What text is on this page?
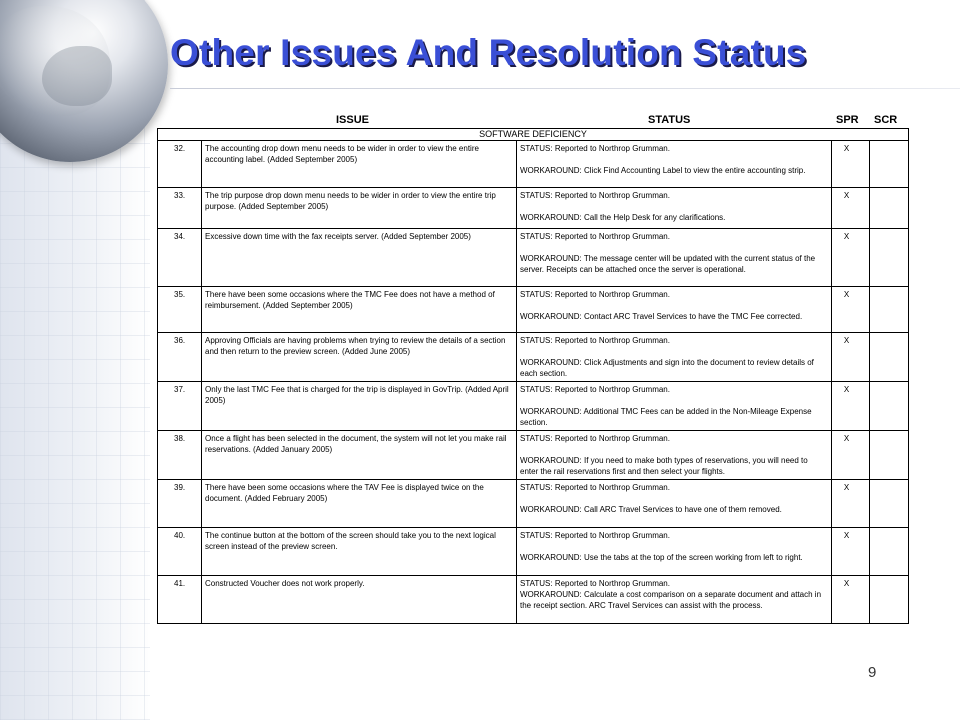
Other Issues And Resolution Status
ISSUE	STATUS	SPR SCR
SOFTWARE DEFICIENCY				
32.	The accounting drop down menu needs to be wider in order to view the entire accounting label. (Added September 2005)	STATUS: Reported to Northrop Grumman.
WORKAROUND: Click Find Accounting Label to view the entire accounting strip.	X	
33.	The trip purpose drop down menu needs to be wider in order to view the entire trip purpose. (Added September 2005)	STATUS: Reported to Northrop Grumman.
WORKAROUND: Call the Help Desk for any clarifications.	X	
34.	Excessive down time with the fax receipts server. (Added September 2005)	STATUS: Reported to Northrop Grumman.
WORKAROUND: The message center will be updated with the current status of the server. Receipts can be attached once the server is operational.	X	
35.	There have been some occasions where the TMC Fee does not have a method of reimbursement. (Added September 2005)	STATUS: Reported to Northrop Grumman.
WORKAROUND: Contact ARC Travel Services to have the TMC Fee corrected.	X	
36.	Approving Officials are having problems when trying to review the details of a section and then return to the preview screen. (Added June 2005)	STATUS: Reported to Northrop Grumman.
WORKAROUND: Click Adjustments and sign into the document to review details of each section.	X	
37.	Only the last TMC Fee that is charged for the trip is displayed in GovTrip. (Added April 2005)	STATUS: Reported to Northrop Grumman.
WORKAROUND: Additional TMC Fees can be added in the Non-Mileage Expense section.	X	
38.	Once a flight has been selected in the document, the system will not let you make rail reservations. (Added January 2005)	STATUS: Reported to Northrop Grumman.
WORKAROUND: If you need to make both types of reservations, you will need to enter the rail reservations first and then select your flights.	X	
39.	There have been some occasions where the TAV Fee is displayed twice on the document. (Added February 2005)	STATUS: Reported to Northrop Grumman.
WORKAROUND: Call ARC Travel Services to have one of them removed.	X	
40.	The continue button at the bottom of the screen should take you to the next logical screen instead of the preview screen.	STATUS: Reported to Northrop Grumman.
WORKAROUND: Use the tabs at the top of the screen working from left to right.	X	
41.	Constructed Voucher does not work properly.	STATUS: Reported to Northrop Grumman.
WORKAROUND: Calculate a cost comparison on a separate document and attach in the receipt section. ARC Travel Services can assist with the process.	X	
9
